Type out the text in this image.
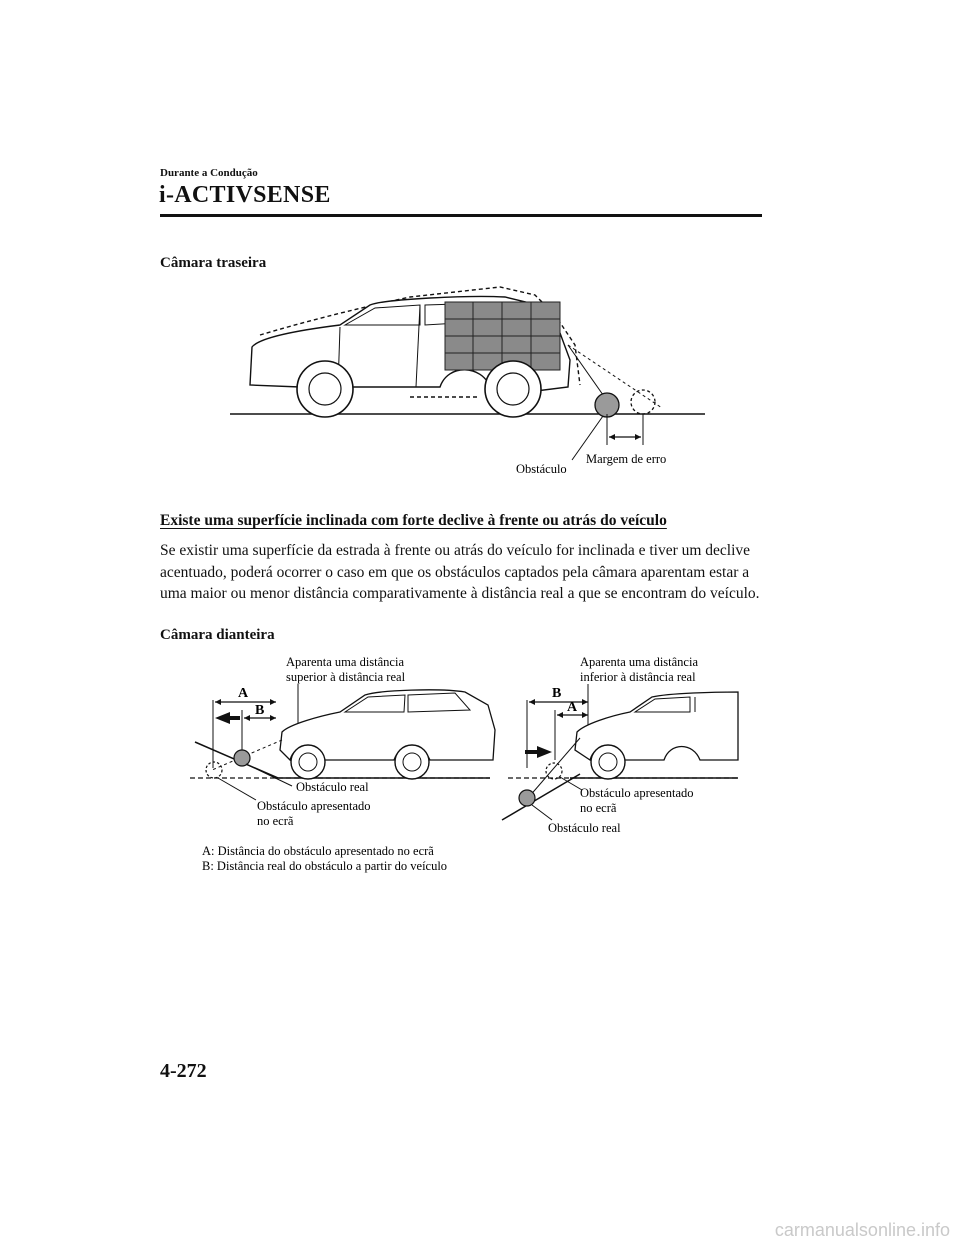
Durante a Condução
i-ACTIVSENSE
Câmara traseira
Obstáculo
Margem de erro
Existe uma superfície inclinada com forte declive à frente ou atrás do veículo
Se existir uma superfície da estrada à frente ou atrás do veículo for inclinada e tiver um declive acentuado, poderá ocorrer o caso em que os obstáculos captados pela câmara aparentam estar a uma maior ou menor distância comparativamente à distância real a que se encontram do veículo.
Câmara dianteira
Aparenta uma distância
superior à distância real
A
B
Obstáculo real
Obstáculo apresentado
no ecrã
Aparenta uma distância
inferior à distância real
B
A
Obstáculo apresentado
no ecrã
Obstáculo real
A: Distância do obstáculo apresentado no ecrã
B: Distância real do obstáculo a partir do veículo
4-272
carmanualsonline.info
